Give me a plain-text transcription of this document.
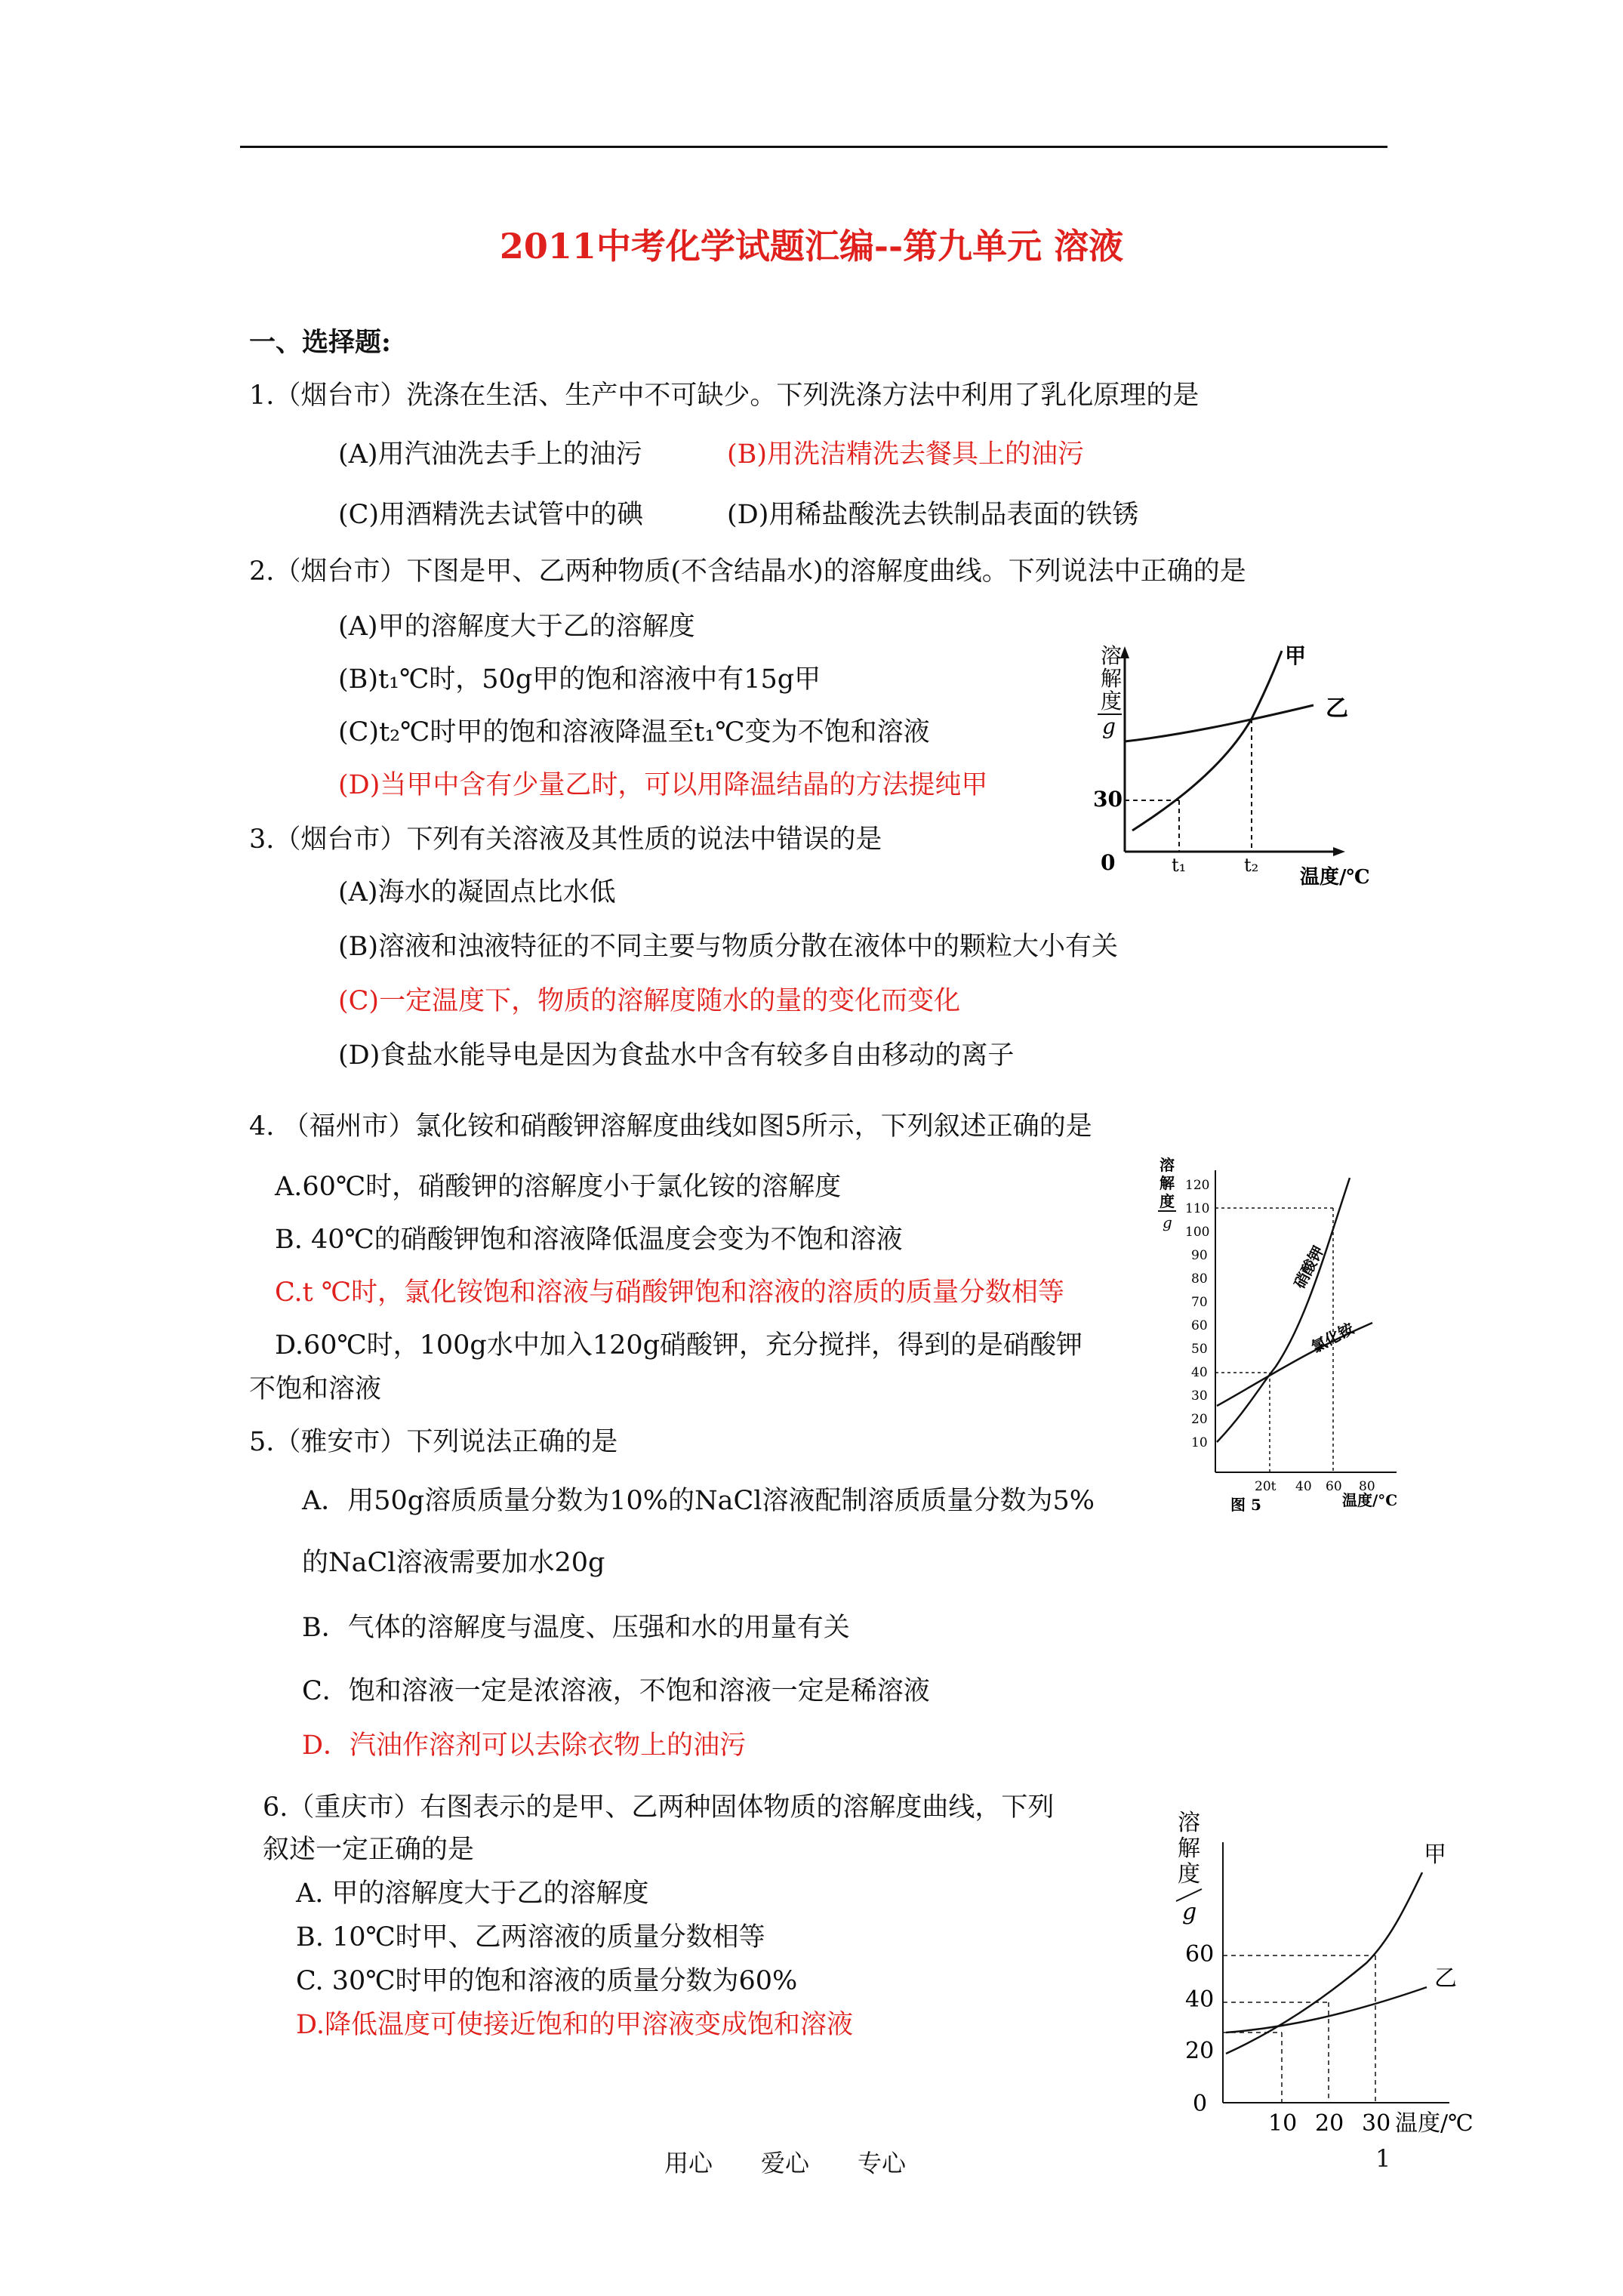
2011中考化学试题汇编--第九单元 溶液
一、选择题:
1.（烟台市）洗涤在生活、生产中不可缺少。下列洗涤方法中利用了乳化原理的是
(A)用汽油洗去手上的油污	(B)用洗洁精洗去餐具上的油污
(C)用酒精洗去试管中的碘	(D)用稀盐酸洗去铁制品表面的铁锈
2.（烟台市）下图是甲、乙两种物质(不含结晶水)的溶解度曲线。下列说法中正确的是
(A)甲的溶解度大于乙的溶解度
(B)t₁℃时，50g甲的饱和溶液中有15g甲
(C)t₂℃时甲的饱和溶液降温至t₁℃变为不饱和溶液
(D)当甲中含有少量乙时，可以用降温结晶的方法提纯甲
溶
解
度
g
0
30
甲
乙
t₁	t₂
温度/℃
3.（烟台市）下列有关溶液及其性质的说法中错误的是
(A)海水的凝固点比水低
(B)溶液和浊液特征的不同主要与物质分散在液体中的颗粒大小有关
(C)一定温度下，物质的溶解度随水的量的变化而变化
(D)食盐水能导电是因为食盐水中含有较多自由移动的离子
4. （福州市）氯化铵和硝酸钾溶解度曲线如图5所示，下列叙述正确的是
A.60℃时，硝酸钾的溶解度小于氯化铵的溶解度
B. 40℃的硝酸钾饱和溶液降低温度会变为不饱和溶液
C.t ℃时，氯化铵饱和溶液与硝酸钾饱和溶液的溶质的质量分数相等
D.60℃时，100g水中加入120g硝酸钾，充分搅拌，得到的是硝酸钾
不饱和溶液
溶
解
度
g
120
110
100
90
80
70
60
50
40
30
20
10
硝酸钾
氯化铵
20t 40 60 80
温度/°C
图 5
5.（雅安市）下列说法正确的是
A．用50g溶质质量分数为10%的NaCl溶液配制溶质质量分数为5%
的NaCl溶液需要加水20g
B．气体的溶解度与温度、压强和水的用量有关
C．饱和溶液一定是浓溶液，不饱和溶液一定是稀溶液
D．汽油作溶剂可以去除衣物上的油污
6.（重庆市）右图表示的是甲、乙两种固体物质的溶解度曲线，下列
叙述一定正确的是
A. 甲的溶解度大于乙的溶解度
B. 10℃时甲、乙两溶液的质量分数相等
C. 30℃时甲的饱和溶液的质量分数为60%
D.降低温度可使接近饱和的甲溶液变成饱和溶液
溶
解
度
g
60
40
20
0
甲
乙
10 20 30 温度/℃
用心　　爱心　　专心	1
